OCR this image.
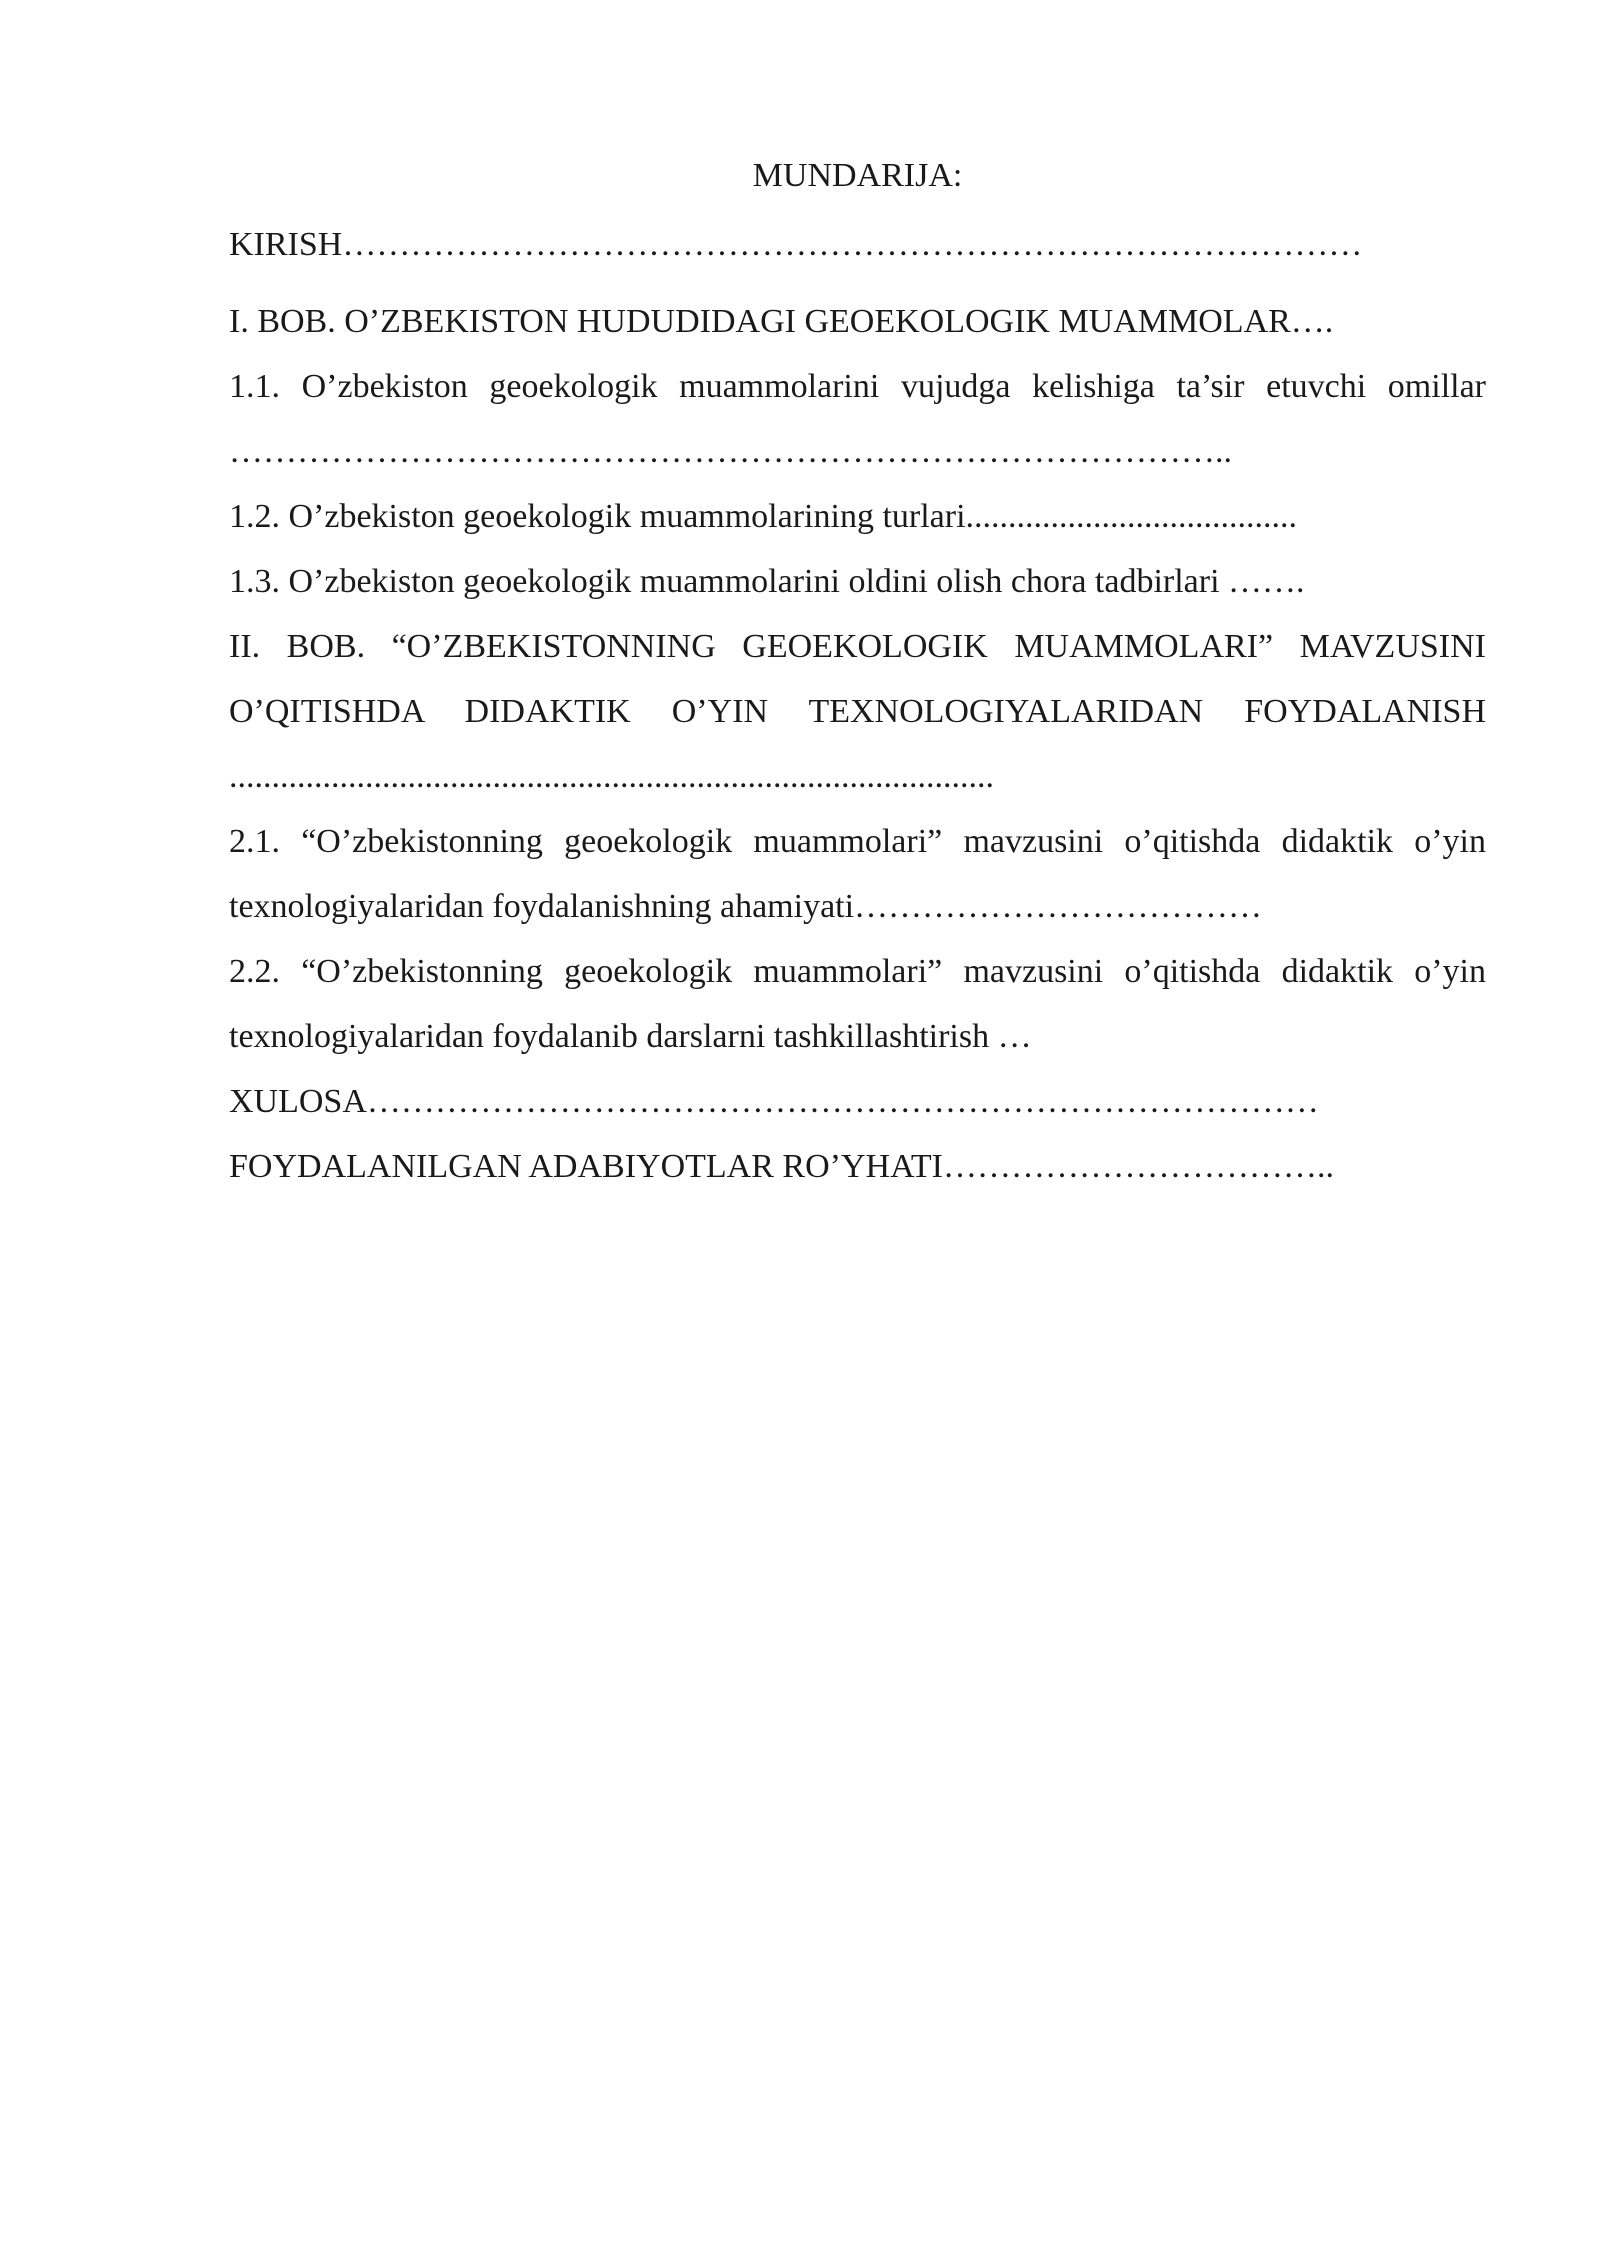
MUNDARIJA:

KIRISH………………………………………………………………………………

I. BOB. O’ZBEKISTON HUDUDIDAGI GEOEKOLOGIK MUAMMOLAR….

1.1. O’zbekiston geoekologik muammolarini vujudga kelishiga ta’sir etuvchi omillar ……………………………………………………………………………..

1.2. O’zbekiston geoekologik muammolarining turlari.......................................

1.3. O’zbekiston geoekologik muammolarini oldini olish chora tadbirlari …….

II. BOB. “O’ZBEKISTONNING GEOEKOLOGIK MUAMMOLARI” MAVZUSINI O’QITISHDA DIDAKTIK O’YIN TEXNOLOGIYALARIDAN FOYDALANISH ..........................................................................................

2.1. “O’zbekistonning geoekologik muammolari” mavzusini o’qitishda didaktik o’yin texnologiyalaridan foydalanishning ahamiyati………………………………

2.2. “O’zbekistonning geoekologik muammolari” mavzusini o’qitishda didaktik o’yin texnologiyalaridan foydalanib darslarni tashkillashtirish …

XULOSA…………………………………………………………………………

FOYDALANILGAN ADABIYOTLAR RO’YHATI……………………………..
